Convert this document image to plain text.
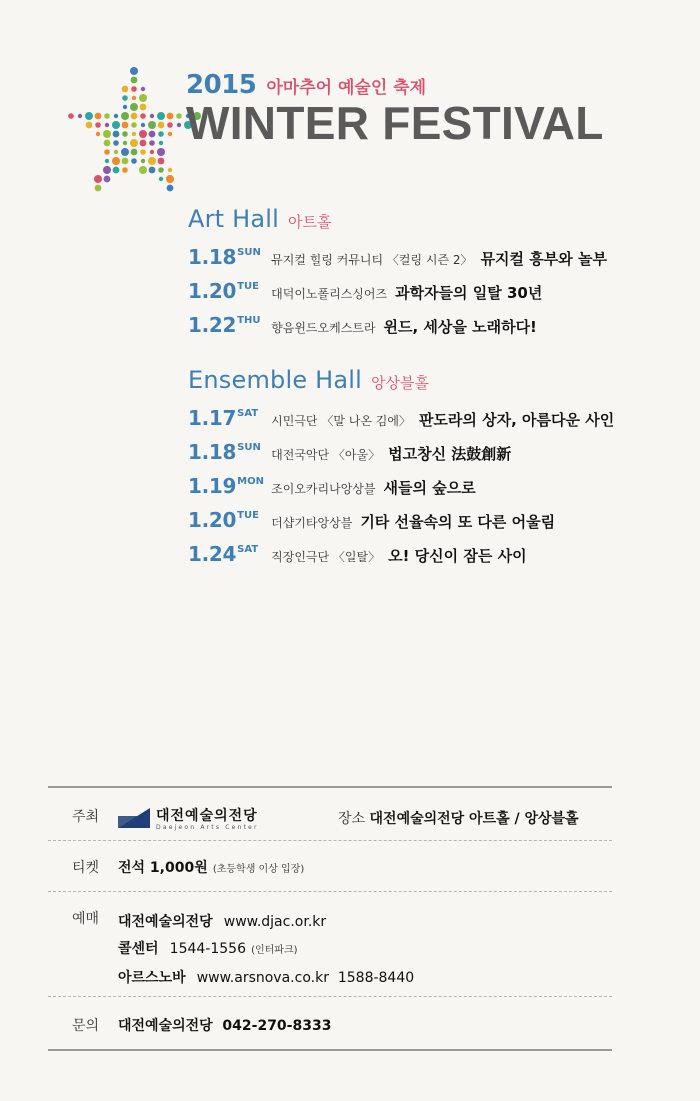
2015 아마추어 예술인 축제
WINTER FESTIVAL
Art Hall 아트홀
1.18 SUN
뮤지컬 힐링 커뮤니티 〈컬링 시즌 2〉 뮤지컬 흥부와 놀부
1.20 TUE
대덕이노폴리스싱어즈 과학자들의 일탈 30년
1.22 THU
향음윈드오케스트라 윈드, 세상을 노래하다!
Ensemble Hall 앙상블홀
1.17 SAT
시민극단 〈말 나온 김에〉 판도라의 상자, 아름다운 사인
1.18 SUN
대전국악단 〈아울〉 법고창신 法鼓創新
1.19 MON
조이오카리나앙상블 새들의 숲으로
1.20 TUE
더샵기타앙상블 기타 선율속의 또 다른 어울림
1.24 SAT
직장인극단 〈일탈〉 오! 당신이 잠든 사이
주최	대전예술의전당
Daejeon Arts Center
장소 대전예술의전당 아트홀 / 앙상블홀
티켓 전석 1,000원 (초등학생 이상 입장)
예매 대전예술의전당 www.djac.or.kr
콜센터 1544-1556 (인터파크)
아르스노바 www.arsnova.co.kr  1588-8440
문의 대전예술의전당  042-270-8333
